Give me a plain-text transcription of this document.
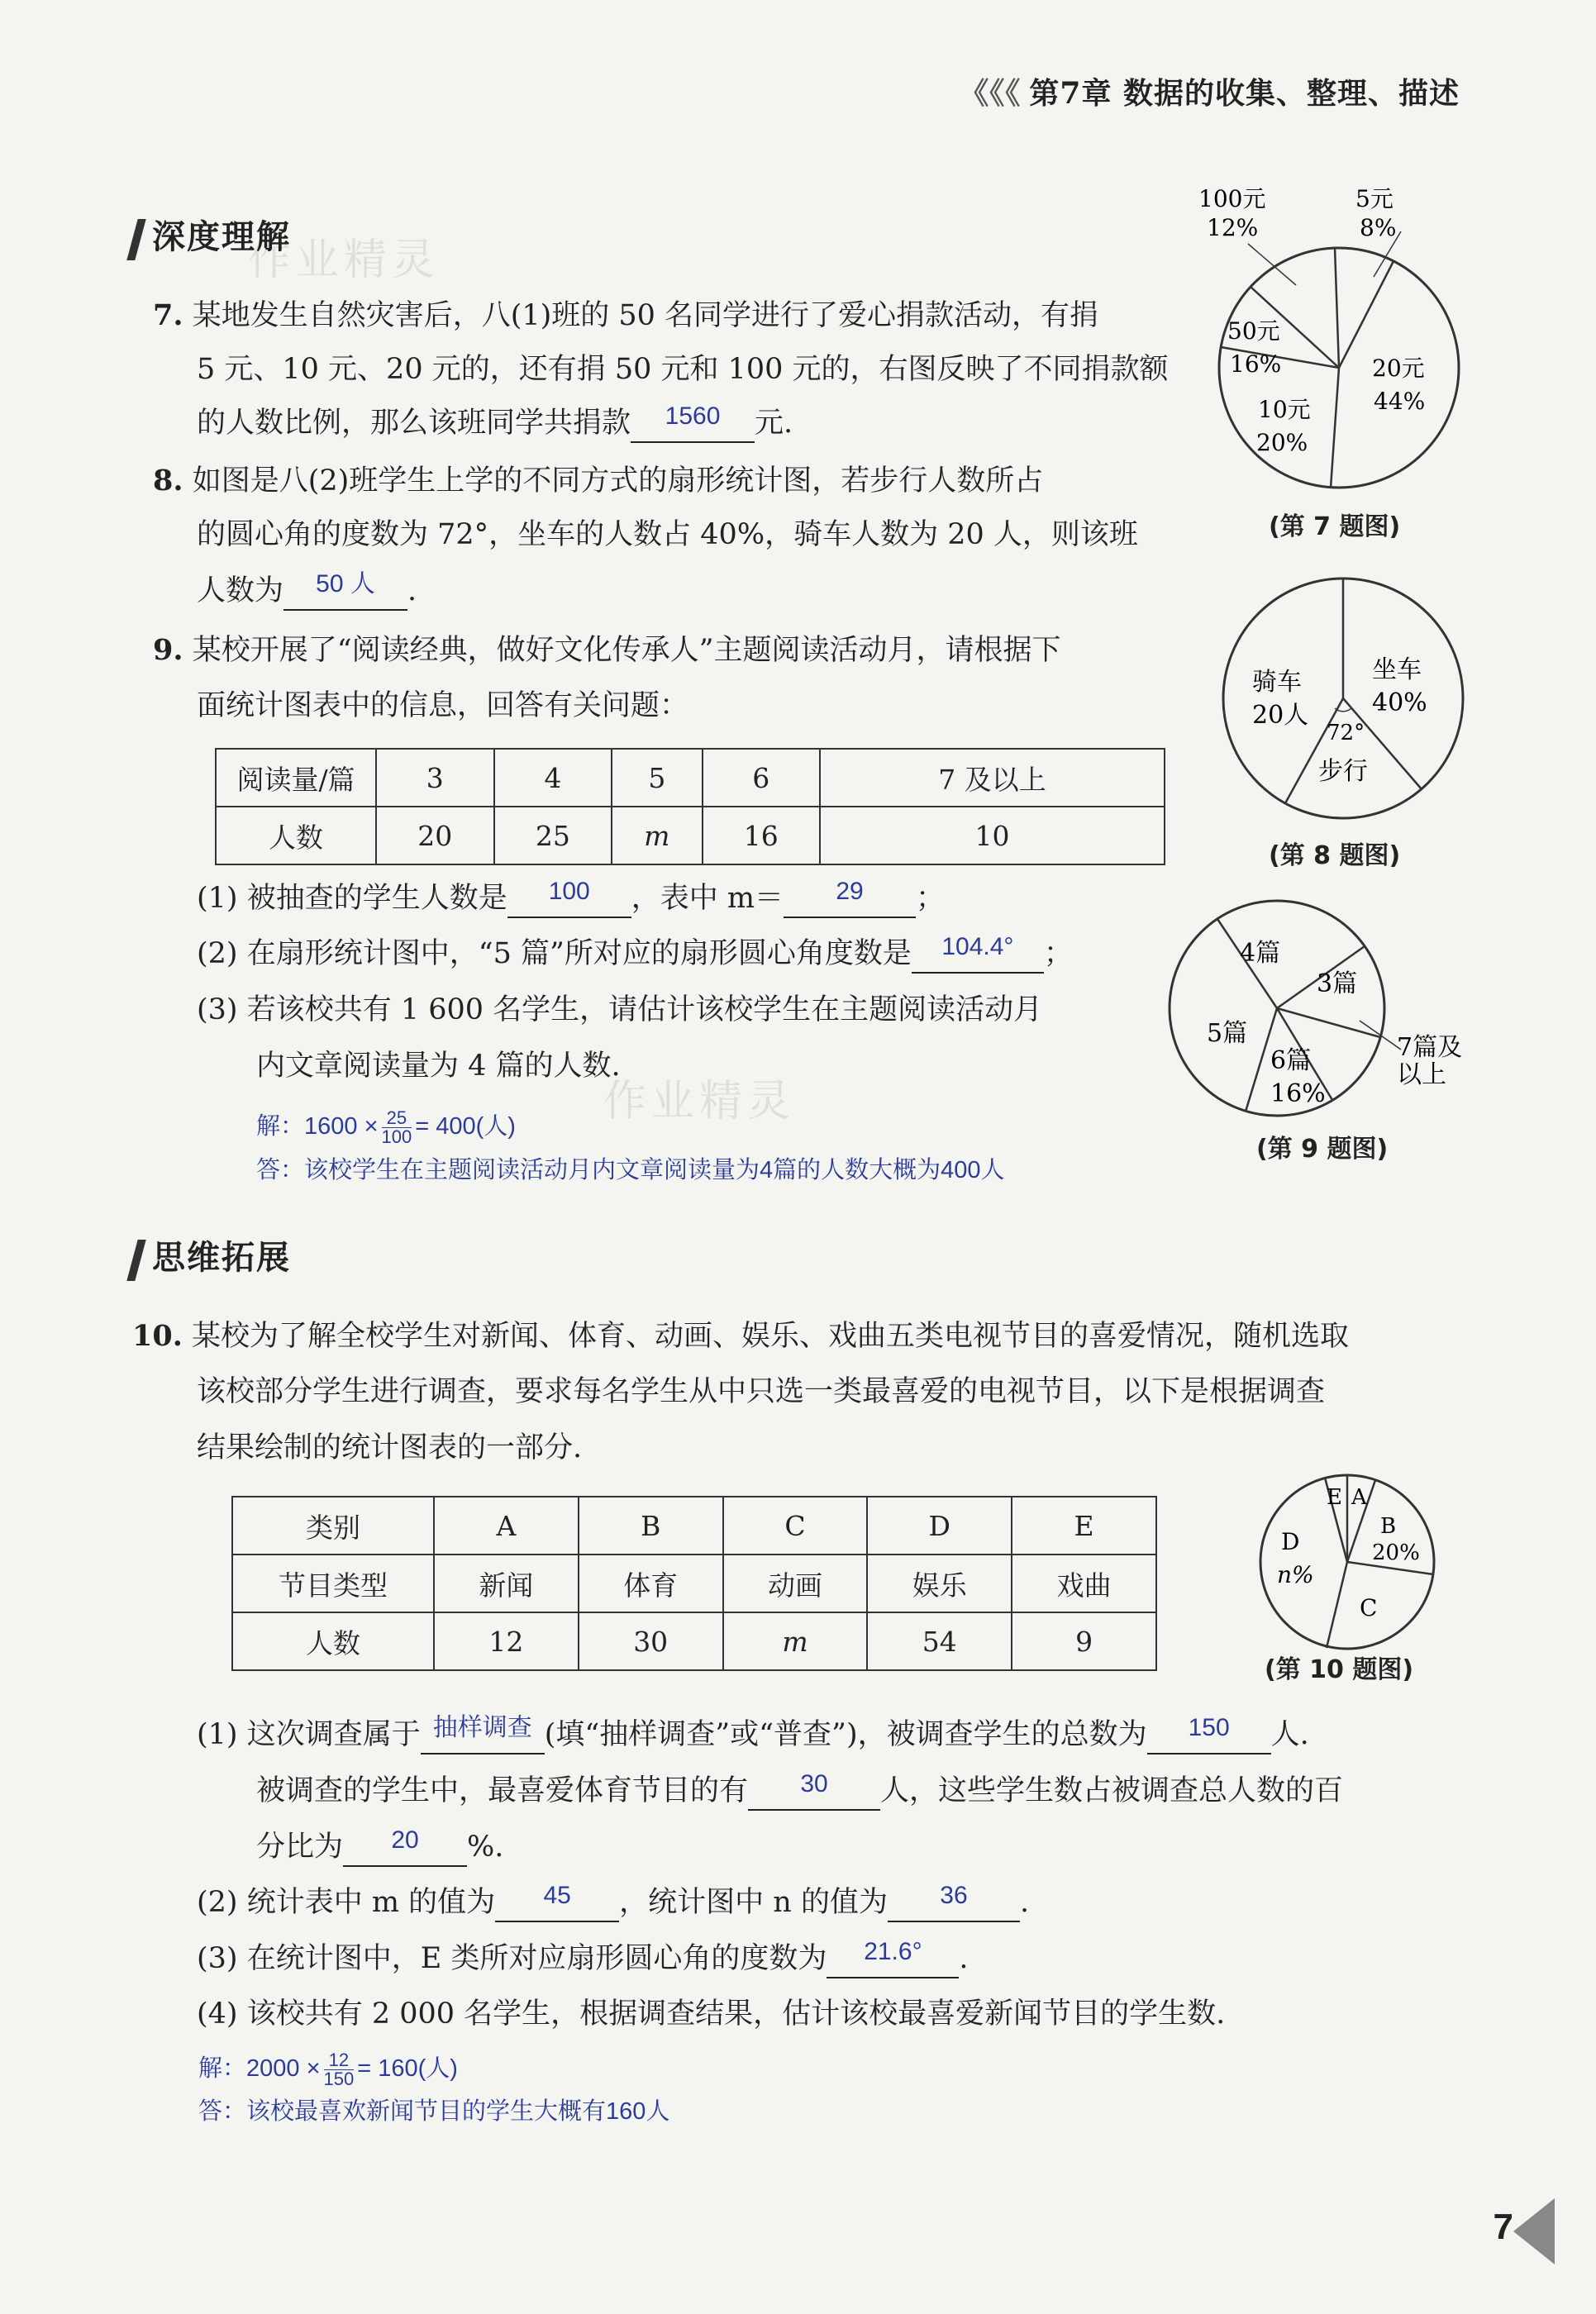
《《《 第7章 数据的收集、整理、描述
深度理解
作业精灵
7. 某地发生自然灾害后，八(1)班的 50 名同学进行了爱心捐款活动，有捐
5 元、10 元、20 元的，还有捐 50 元和 100 元的，右图反映了不同捐款额
的人数比例，那么该班同学共捐款	1560	元.
8. 如图是八(2)班学生上学的不同方式的扇形统计图，若步行人数所占
的圆心角的度数为 72°，坐车的人数占 40%，骑车人数为 20 人，则该班
人数为	50 人	.
9. 某校开展了“阅读经典，做好文化传承人”主题阅读活动月，请根据下
面统计图表中的信息，回答有关问题：
阅读量/篇	3	4	5	6	7 及以上
人数	20	25	m	16	10
(1) 被抽查的学生人数是	100	，表中 m＝	29	；
(2) 在扇形统计图中，“5 篇”所对应的扇形圆心角度数是	104.4°	；
(3) 若该校共有 1 600 名学生，请估计该校学生在主题阅读活动月
内文章阅读量为 4 篇的人数.
作业精灵
解：$1600 \times \frac{25}{100} = 400$(人)
答：该校学生在主题阅读活动月内文章阅读量为4篇的人数大概为400人
思维拓展
10. 某校为了解全校学生对新闻、体育、动画、娱乐、戏曲五类电视节目的喜爱情况，随机选取
该校部分学生进行调查，要求每名学生从中只选一类最喜爱的电视节目，以下是根据调查
结果绘制的统计图表的一部分.
类别	A	B	C	D	E
节目类型	新闻	体育	动画	娱乐	戏曲
人数	12	30	m	54	9
(1) 这次调查属于 抽样调查 (填“抽样调查”或“普查”)，被调查学生的总数为	150	人.
被调查的学生中，最喜爱体育节目的有	30	人，这些学生数占被调查总人数的百
分比为	20	%.
(2) 统计表中 m 的值为	45	，统计图中 n 的值为	36	.
(3) 在统计图中，E 类所对应扇形圆心角的度数为	21.6°	.
(4) 该校共有 2 000 名学生，根据调查结果，估计该校最喜爱新闻节目的学生数.
解：$2000 \times \frac{12}{150} = 160$(人)
答：该校最喜欢新闻节目的学生大概有160人
100元
12%
5元
8%
50元
16%	20元
44%
10元
20%
(第 7 题图)
骑车
20人
坐车
40%
72°
步行
(第 8 题图)
4篇
3篇
5篇
6篇
16%
7篇及
以上
(第 9 题图)
E A
B
20%
D
n%
C
(第 10 题图)
7
